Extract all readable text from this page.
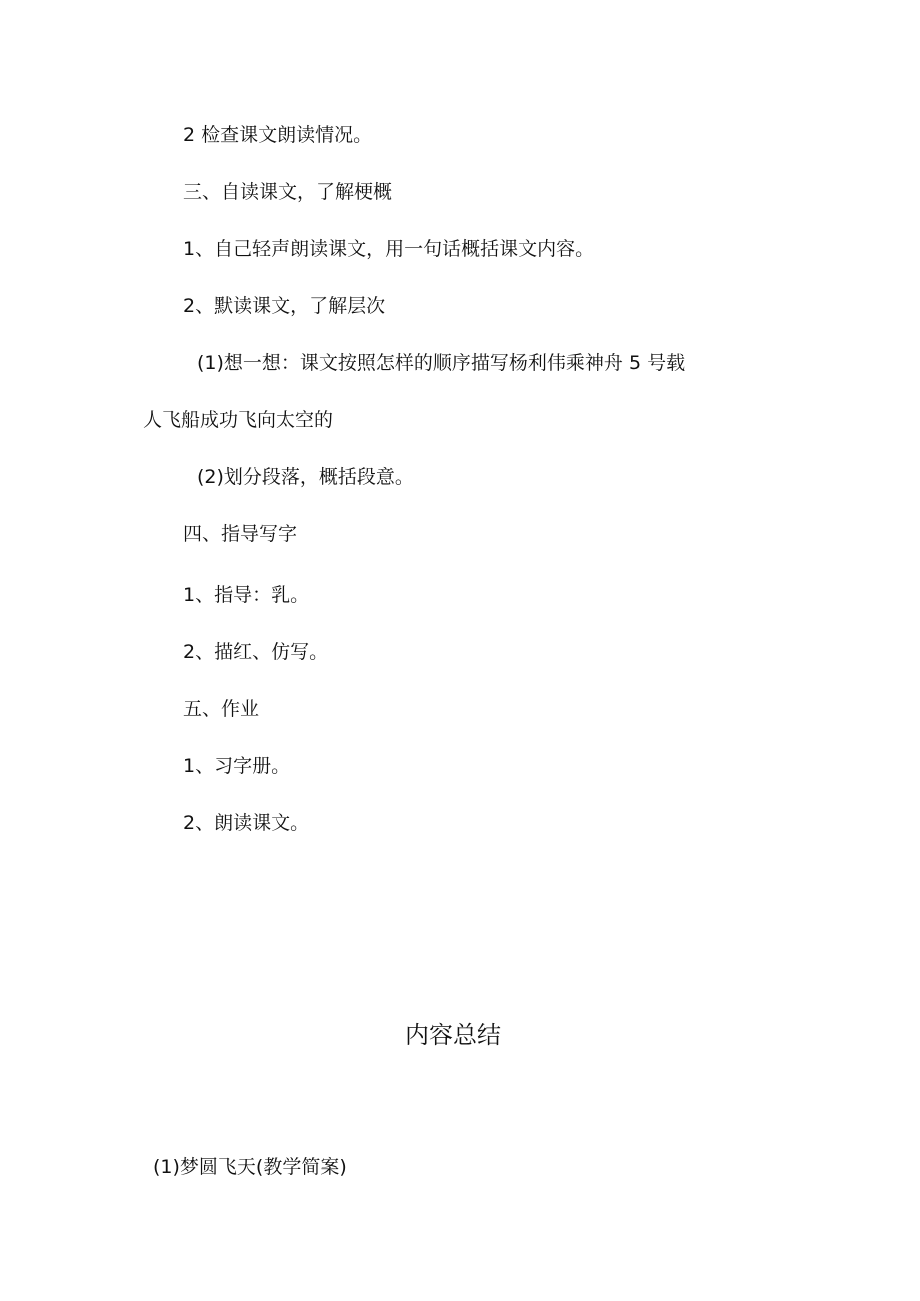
2 检查课文朗读情况。
三、自读课文，了解梗概
1、自己轻声朗读课文，用一句话概括课文内容。
2、默读课文，了解层次
(1)想一想：课文按照怎样的顺序描写杨利伟乘神舟 5 号载
人飞船成功飞向太空的
(2)划分段落，概括段意。
四、指导写字
1、指导：乳。
2、描红、仿写。
五、作业
1、习字册。
2、朗读课文。
内容总结
(1)梦圆飞天(教学简案)
